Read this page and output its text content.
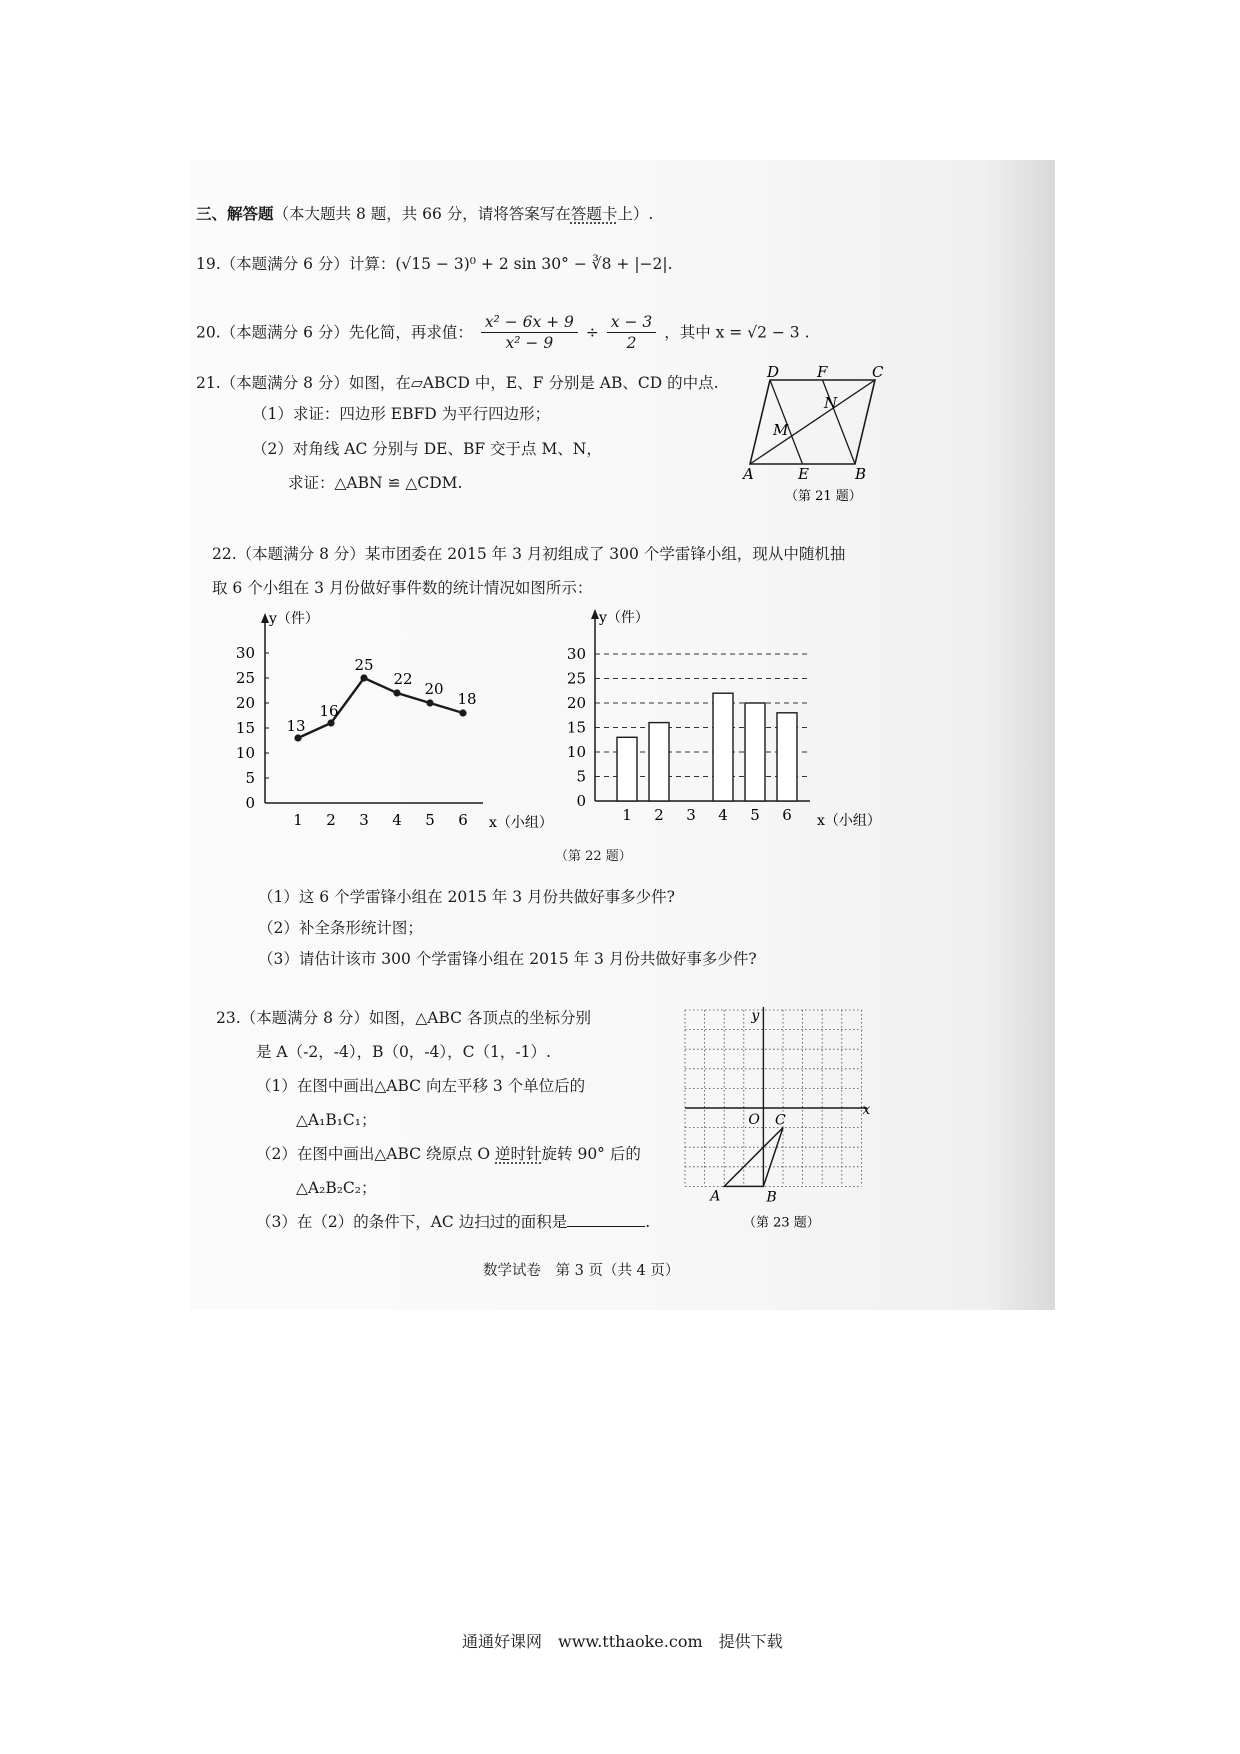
三、解答题（本大题共 8 题，共 66 分，请将答案写在答题卡上）.
19.（本题满分 6 分）计算：(√15 − 3)⁰ + 2 sin 30° − ∛8 + |−2|.
20.（本题满分 6 分）先化简，再求值： $\frac{\text{x² − 6x + 9}}{\text{x² − 9}} \div \frac{x - 3}{2}$ ，其中 x = √2 − 3 .
21.（本题满分 8 分）如图，在▱ABCD 中，E、F 分别是 AB、CD 的中点.
（1）求证：四边形 EBFD 为平行四边形；
（2）对角线 AC 分别与 DE、BF 交于点 M、N，
求证：△ABN ≌ △CDM.
D	F	C
A	E	B
M
N
（第 21 题）
22.（本题满分 8 分）某市团委在 2015 年 3 月初组成了 300 个学雷锋小组，现从中随机抽
取 6 个小组在 3 月份做好事件数的统计情况如图所示：
y（件）
0
5
10
15
20
25
30
1 2 3 4 5 6
13
16
25
22
20
18
x（小组）
0
5
10
15
20
25
30
y（件）
1 2 3 4 5 6 x（小组）
（第 22 题）
（1）这 6 个学雷锋小组在 2015 年 3 月份共做好事多少件?
（2）补全条形统计图；
（3）请估计该市 300 个学雷锋小组在 2015 年 3 月份共做好事多少件?
23.（本题满分 8 分）如图，△ABC 各顶点的坐标分别
是 A（-2，-4），B（0，-4），C（1，-1）.
（1）在图中画出△ABC 向左平移 3 个单位后的
△A₁B₁C₁；
（2）在图中画出△ABC 绕原点 O 逆时针旋转 90° 后的
△A₂B₂C₂；
（3）在（2）的条件下，AC 边扫过的面积是	.
x
y
O
A	B
C
（第 23 题）
数学试卷　第 3 页（共 4 页）
通通好课网　www.tthaoke.com　提供下载
